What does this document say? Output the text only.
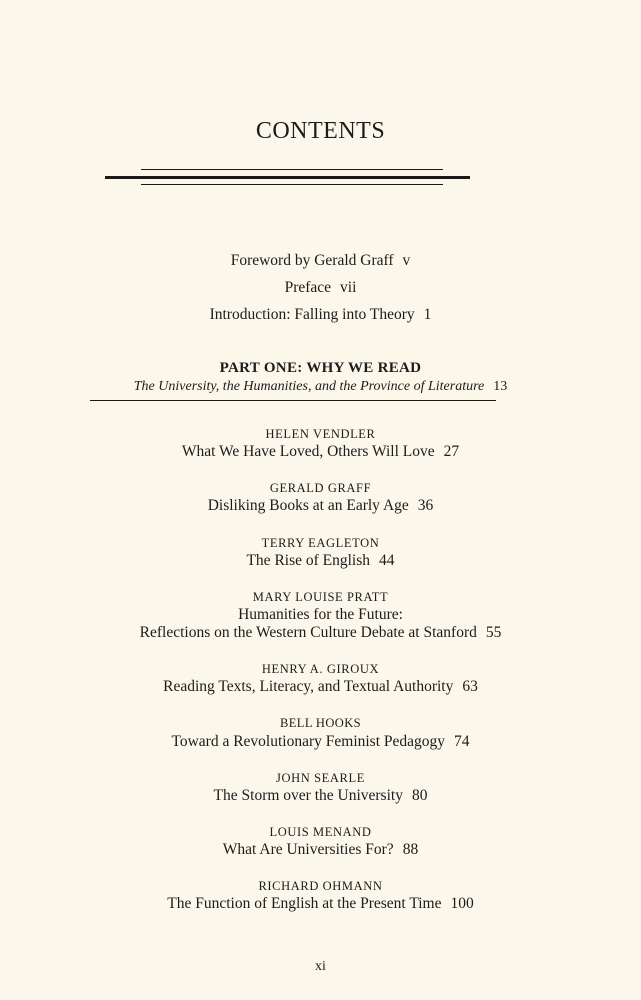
CONTENTS
Foreword by Gerald Graff v
Preface vii
Introduction: Falling into Theory 1
PART ONE: WHY WE READ
The University, the Humanities, and the Province of Literature 13
HELEN VENDLER
What We Have Loved, Others Will Love 27
GERALD GRAFF
Disliking Books at an Early Age 36
TERRY EAGLETON
The Rise of English 44
MARY LOUISE PRATT
Humanities for the Future:
Reflections on the Western Culture Debate at Stanford 55
HENRY A. GIROUX
Reading Texts, Literacy, and Textual Authority 63
BELL HOOKS
Toward a Revolutionary Feminist Pedagogy 74
JOHN SEARLE
The Storm over the University 80
LOUIS MENAND
What Are Universities For? 88
RICHARD OHMANN
The Function of English at the Present Time 100
xi
